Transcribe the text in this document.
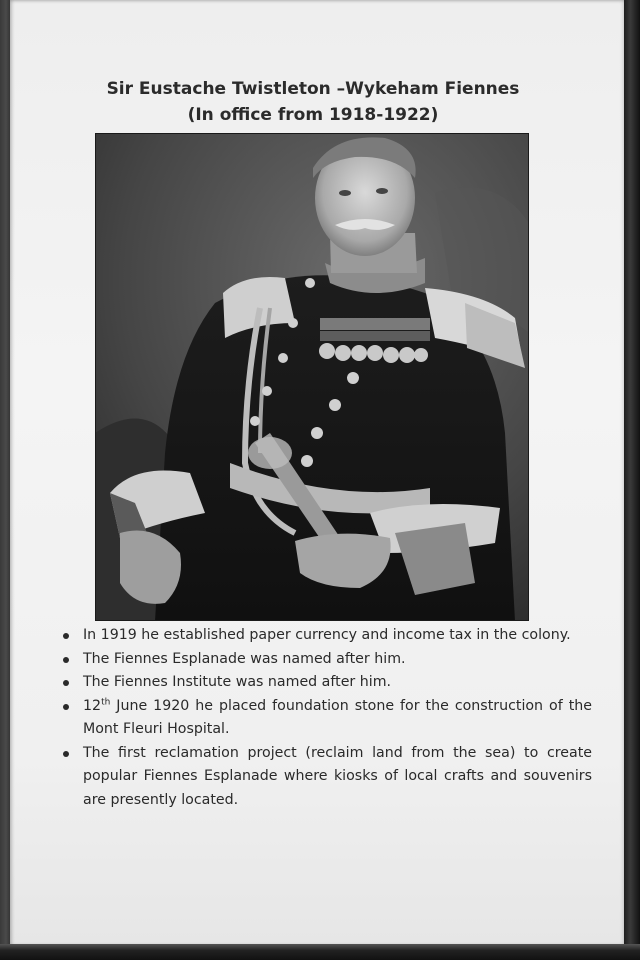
Sir Eustache Twistleton –Wykeham Fiennes
(In office from 1918-1922)
In 1919 he established paper currency and income tax in the colony.
The Fiennes Esplanade was named after him.
The Fiennes Institute was named after him.
12th June 1920 he placed foundation stone for the construction of the Mont Fleuri Hospital.
The first reclamation project (reclaim land from the sea) to create popular Fiennes Esplanade where kiosks of local crafts and souvenirs are presently located.
